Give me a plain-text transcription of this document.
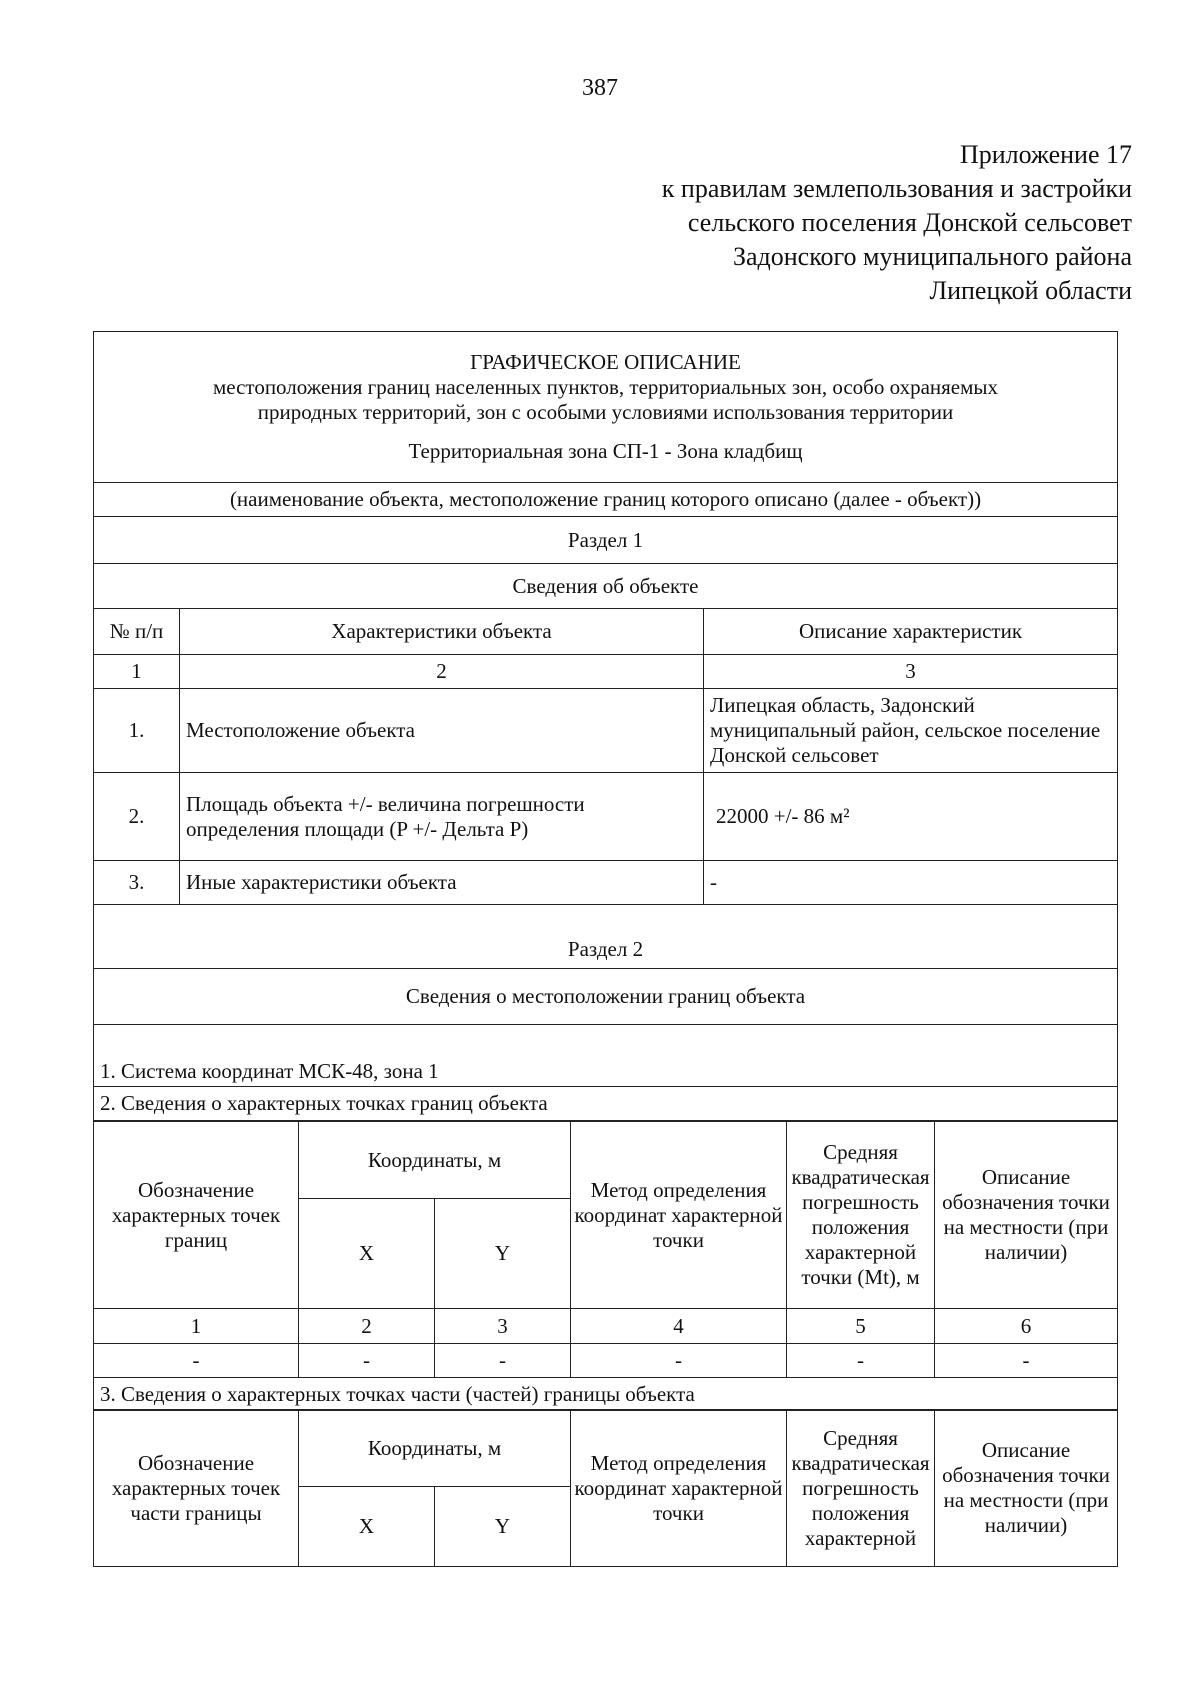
387
Приложение 17
к правилам землепользования и застройки
сельского поселения Донской сельсовет
Задонского муниципального района
Липецкой области
ГРАФИЧЕСКОЕ ОПИСАНИЕ
местоположения границ населенных пунктов, территориальных зон, особо охраняемых
природных территорий, зон с особыми условиями использования территории
Территориальная зона СП-1 - Зона кладбищ		

(наименование объекта, местоположение границ которого описано (далее - объект))		
Раздел 1		
Сведения об объекте		
№ п/п	Характеристики объекта	Описание характеристик
1	2	3
1.	Местоположение объекта	Липецкая область, Задонский муниципальный район, сельское поселение Донской сельсовет
2.	Площадь объекта +/- величина погрешности определения площади (P +/- Дельта P)	22000 +/- 86 м²
3.	Иные характеристики объекта	-
Раздел 2		
Сведения о местоположении границ объекта		
1. Система координат МСК-48, зона 1		
2. Сведения о характерных точках границ объекта		
Обозначение характерных точек границ	Координаты, м		Метод определения координат характерной точки	Средняя квадратическая погрешность положения характерной точки (Mt), м	Описание обозначения точки на местности (при наличии)
	X	Y			
1	2	3	4	5	6
-	-	-	-	-	-
3. Сведения о характерных точках части (частей) границы объекта					
Обозначение характерных точек части границы	Координаты, м		Метод определения координат характерной точки	Средняя квадратическая погрешность положения характерной	Описание обозначения точки на местности (при наличии)
	X	Y			
